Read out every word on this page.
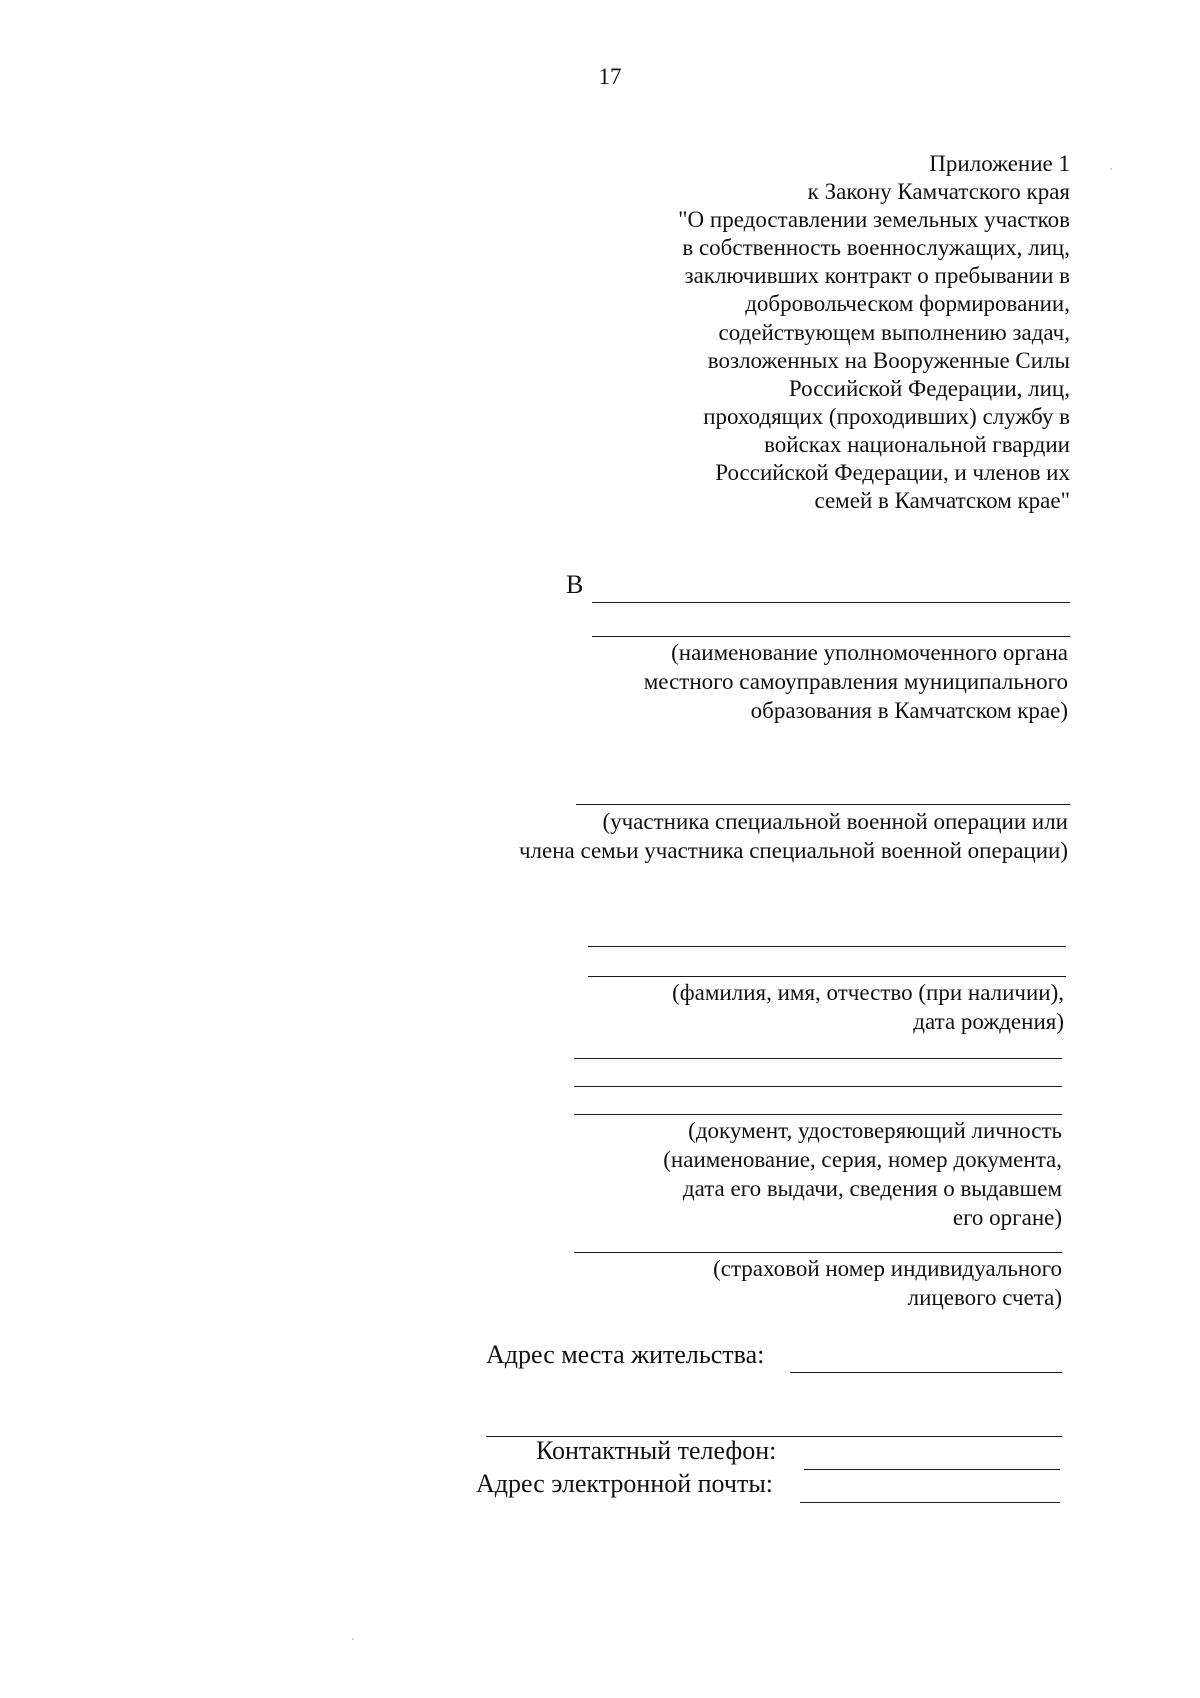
17
Приложение 1
к Закону Камчатского края
"О предоставлении земельных участков
в собственность военнослужащих, лиц,
заключивших контракт о пребывании в
добровольческом формировании,
содействующем выполнению задач,
возложенных на Вооруженные Силы
Российской Федерации, лиц,
проходящих (проходивших) службу в
войсках национальной гвардии
Российской Федерации, и членов их
семей в Камчатском крае"
В
(наименование уполномоченного органа
местного самоуправления муниципального
образования в Камчатском крае)
(участника специальной военной операции или
члена семьи участника специальной военной операции)
(фамилия, имя, отчество (при наличии),
дата рождения)
(документ, удостоверяющий личность
(наименование, серия, номер документа,
дата его выдачи, сведения о выдавшем
его органе)
(страховой номер индивидуального
лицевого счета)
Адрес места жительства:
Контактный телефон:
Адрес электронной почты:
